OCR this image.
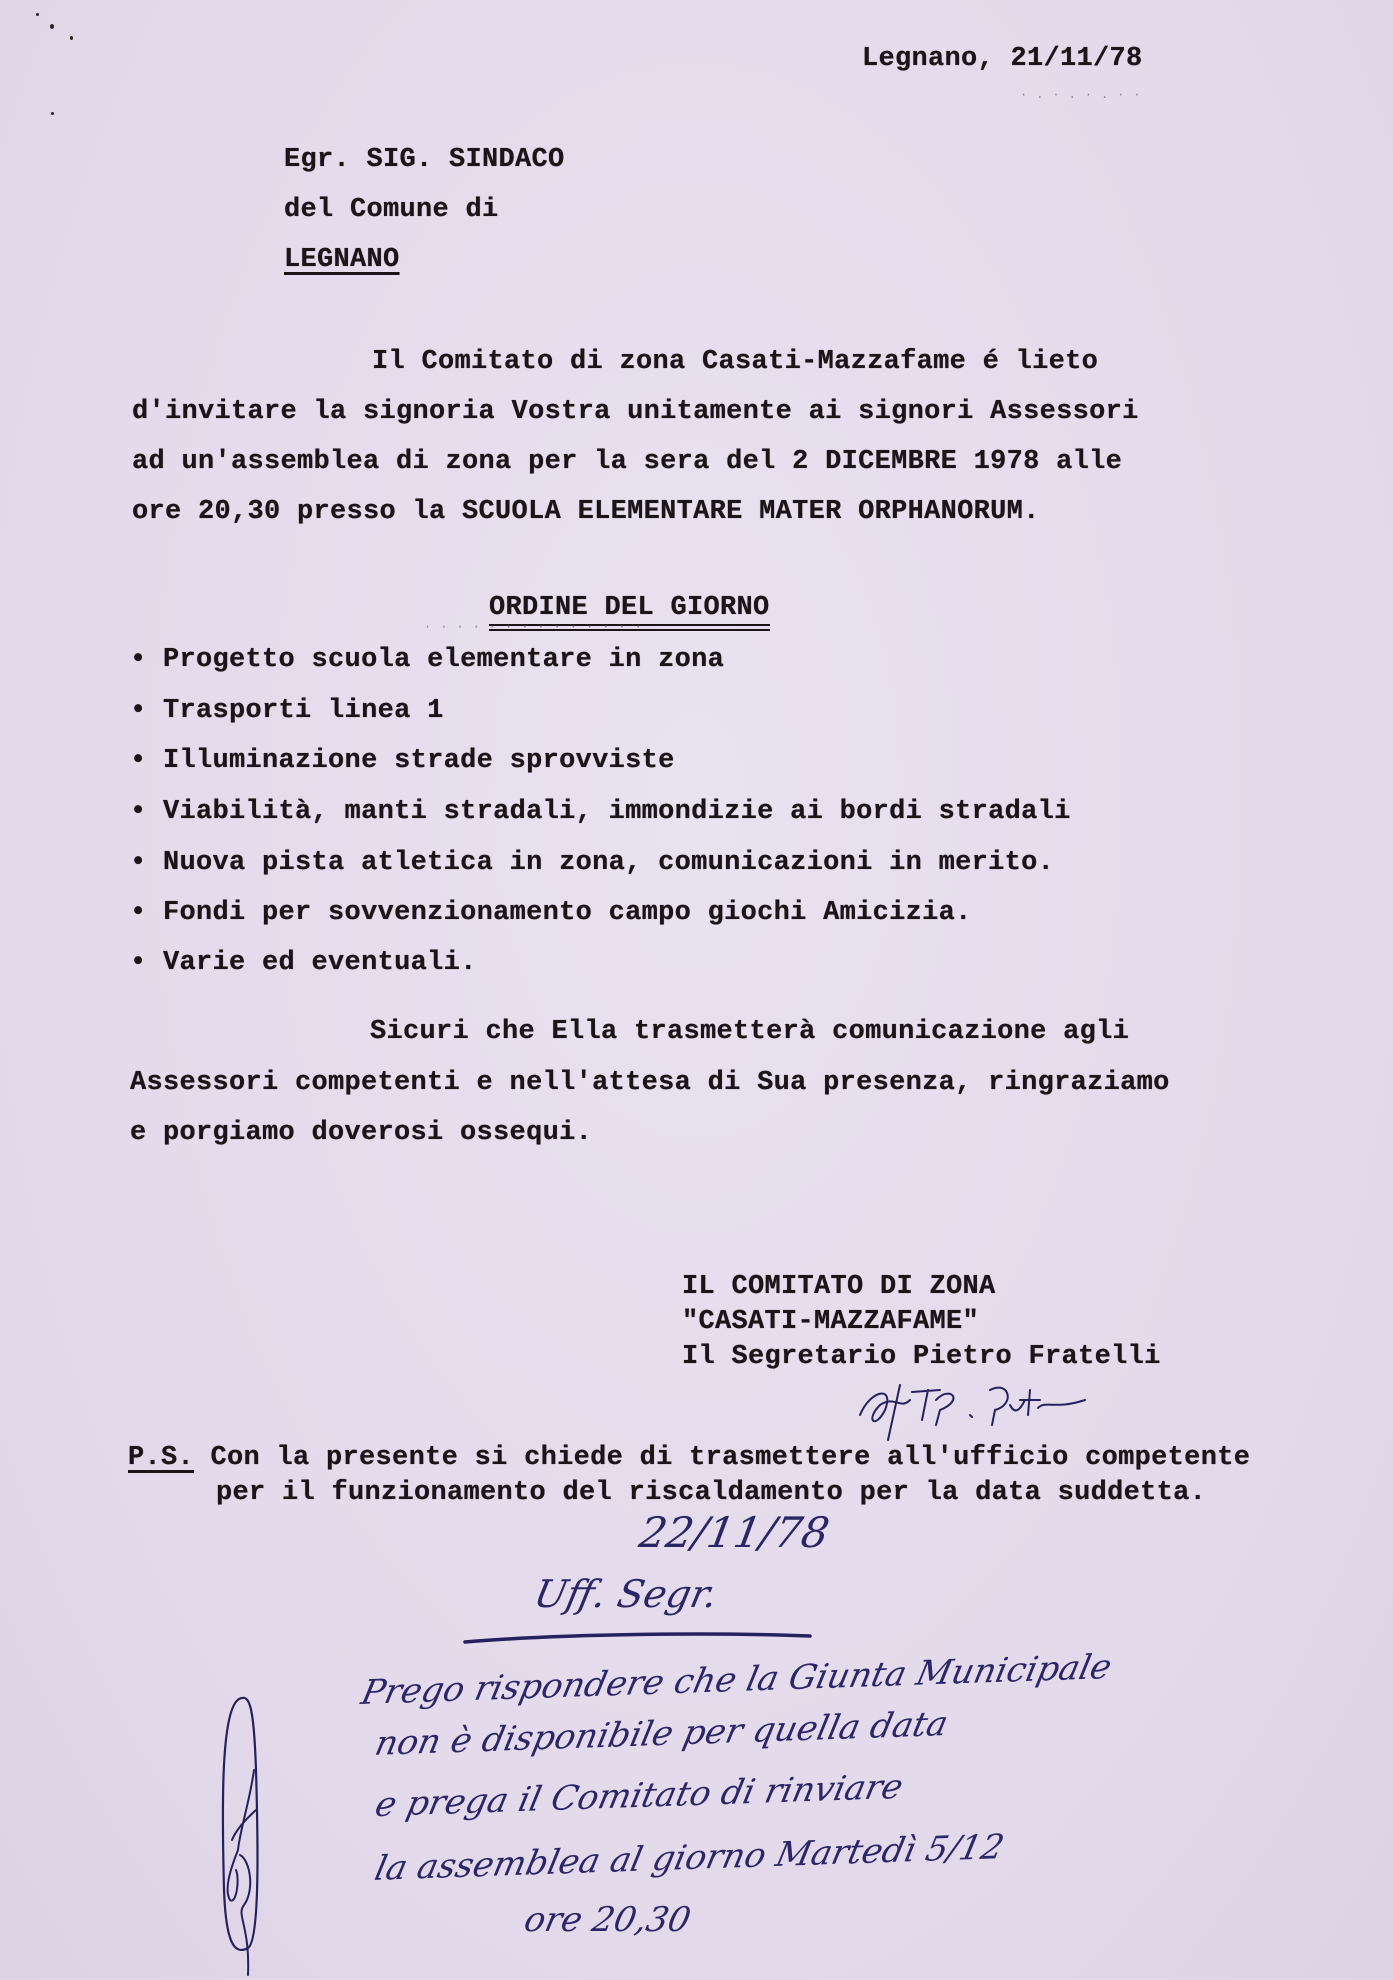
Legnano, 21/11/78
·.·.·.··
Egr. SIG. SINDACO
del Comune di
LEGNANO
Il Comitato di zona Casati-Mazzafame é lieto
d'invitare la signoria Vostra unitamente ai signori Assessori
ad un'assemblea di zona per la sera del 2 DICEMBRE 1978 alle
ore 20,30 presso la SCUOLA ELEMENTARE MATER ORPHANORUM.

ORDINE DEL GIORNO

··············
• Progetto scuola elementare in zona
• Trasporti linea 1
• Illuminazione strade sprovviste
• Viabilità, manti stradali, immondizie ai bordi stradali
• Nuova pista atletica in zona, comunicazioni in merito.
• Fondi per sovvenzionamento campo giochi Amicizia.
• Varie ed eventuali.
Sicuri che Ella trasmetterà comunicazione agli
Assessori competenti e nell'attesa di Sua presenza, ringraziamo
e porgiamo doverosi ossequi.
IL COMITATO DI ZONA
"CASATI-MAZZAFAME"
Il Segretario Pietro Fratelli
P.S. Con la presente si chiede di trasmettere all'ufficio competente
per il funzionamento del riscaldamento per la data suddetta.
22/11/78
Uff. Segr.
Prego rispondere che la Giunta Municipale
non è disponibile per quella data
e prega il Comitato di rinviare
la assemblea al giorno Martedì 5/12
ore 20,30
